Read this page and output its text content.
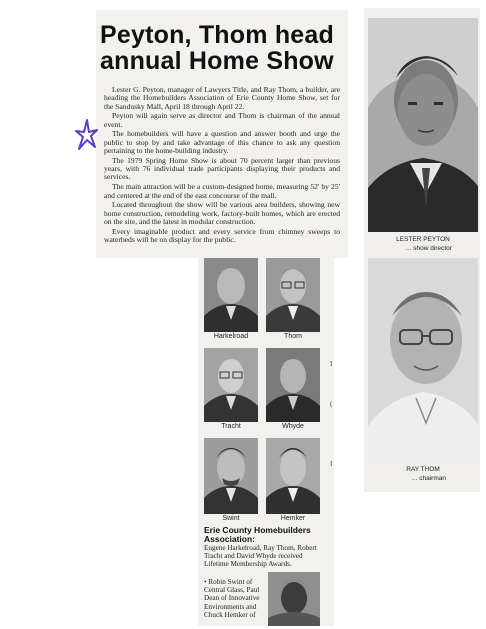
Peyton, Thom head
annual Home Show

Lester G. Peyton, manager of Lawyers Title, and Ray Thom, a builder, are heading the Homebuilders Association of Erie County Home Show, set for the Sandusky Mall, April 18 through April 22.

Peyton will again serve as director and Thom is chairman of the annual event.

The homebuilders will have a question and answer booth and urge the public to stop by and take advantage of this chance to ask any question pertaining to the home-building industry.

The 1979 Spring Home Show is about 70 percent larger than previous years, with 76 individual trade participants displaying their products and services.

The main attraction will be a custom-designed home, measuring 52' by 25' and centered at the end of the east concourse of the mall.

Located throughout the show will be various area builders, showing new home construction, remodeling work, factory-built homes, which are erected on the site, and the latest in modular construction.

Every imaginable product and every service from chimney sweeps to waterbeds will be on display for the public.	LESTER PEYTON
... show director
RAY THOM
... chairman
Harkelroad	Thom
Tracht	Whyde
Swint	Hemker
Erie County Homebuilders Association:
Eugene Harkelroad, Ray Thom, Robert Tracht and David Whyde received Lifetime Membership Awards.
• Robin Swint of Central Glass, Paul Dean of Innovative Environments and Chuck Hemker of
I
(
I
